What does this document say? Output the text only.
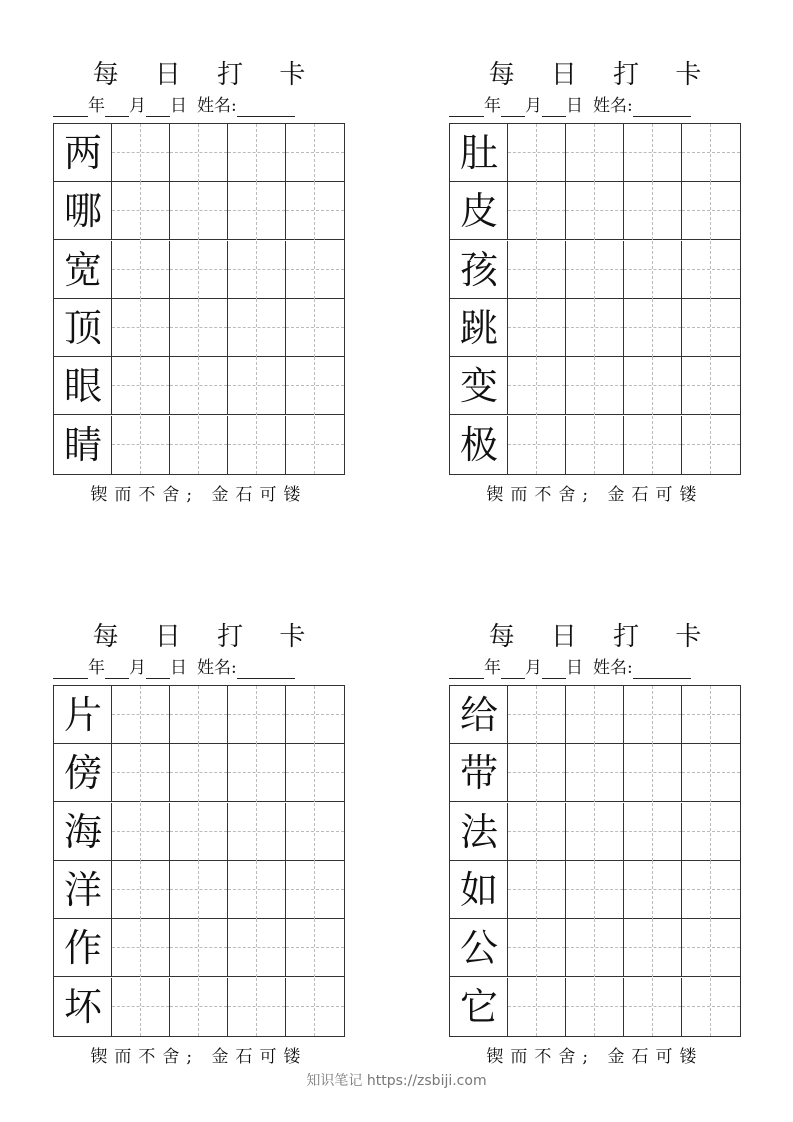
每 日 打 卡
年 月 日 姓名:
两
哪
宽
顶
眼
睛
锲而不舍; 金石可镂
每 日 打 卡
年 月 日 姓名:
肚
皮
孩
跳
变
极
锲而不舍; 金石可镂
每 日 打 卡
年 月 日 姓名:
片
傍
海
洋
作
坏
锲而不舍; 金石可镂
每 日 打 卡
年 月 日 姓名:
给
带
法
如
公
它
锲而不舍; 金石可镂
知识笔记 https://zsbiji.com
